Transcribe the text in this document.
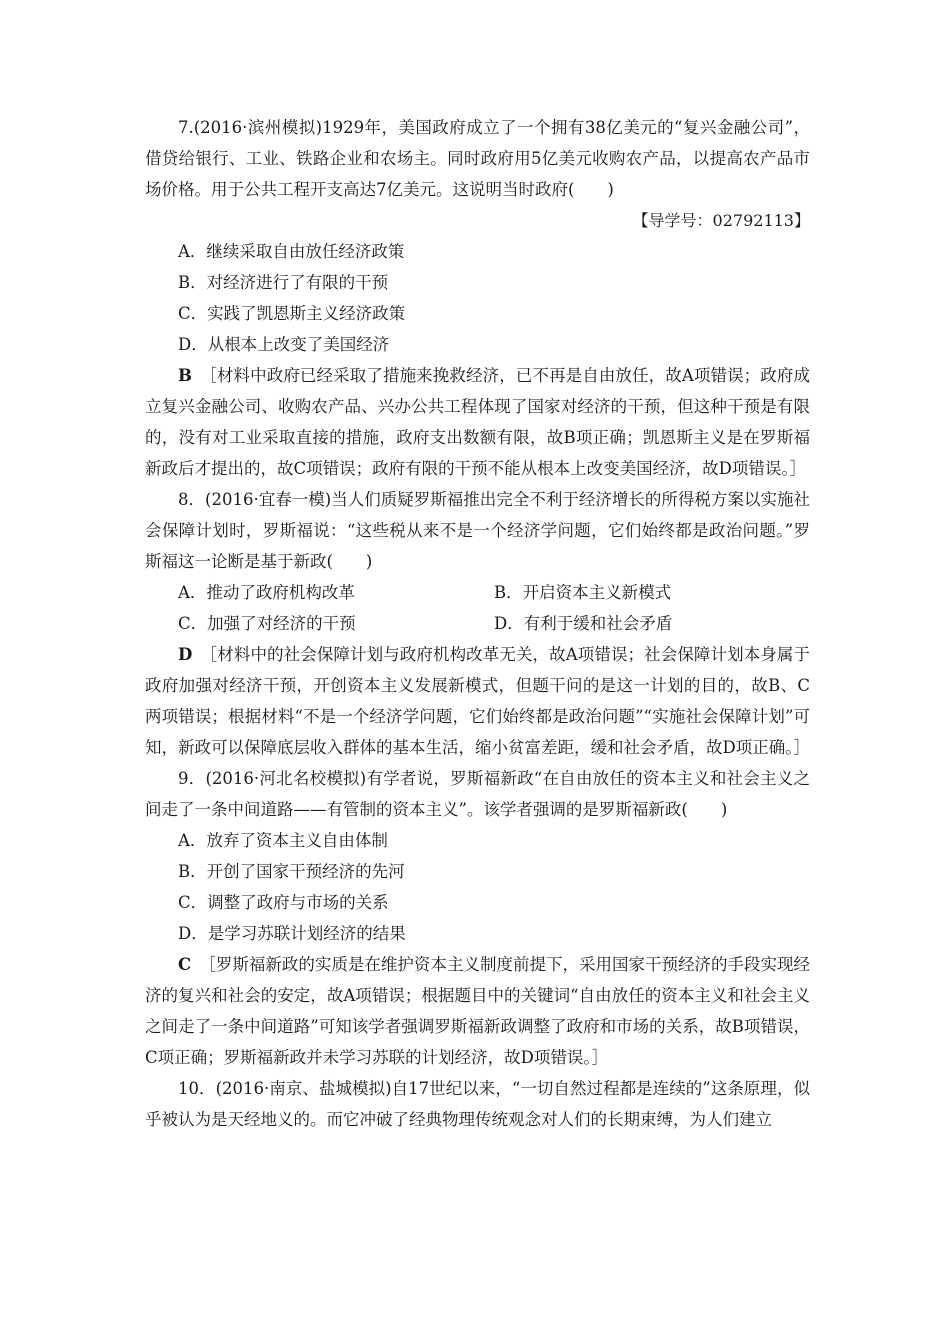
7.(2016·滨州模拟)1929年，美国政府成立了一个拥有38亿美元的“复兴金融公司”，借贷给银行、工业、铁路企业和农场主。同时政府用5亿美元收购农产品，以提高农产品市场价格。用于公共工程开支高达7亿美元。这说明当时政府(　　)

【导学号：02792113】

A．继续采取自由放任经济政策

B．对经济进行了有限的干预

C．实践了凯恩斯主义经济政策

D．从根本上改变了美国经济

B  ［材料中政府已经采取了措施来挽救经济，已不再是自由放任，故A项错误；政府成立复兴金融公司、收购农产品、兴办公共工程体现了国家对经济的干预，但这种干预是有限的，没有对工业采取直接的措施，政府支出数额有限，故B项正确；凯恩斯主义是在罗斯福新政后才提出的，故C项错误；政府有限的干预不能从根本上改变美国经济，故D项错误。］

8．(2016·宜春一模)当人们质疑罗斯福推出完全不利于经济增长的所得税方案以实施社会保障计划时，罗斯福说：“这些税从来不是一个经济学问题，它们始终都是政治问题。”罗斯福这一论断是基于新政(　　)

A．推动了政府机构改革	B．开启资本主义新模式
C．加强了对经济的干预	D．有利于缓和社会矛盾

D  ［材料中的社会保障计划与政府机构改革无关，故A项错误；社会保障计划本身属于政府加强对经济干预，开创资本主义发展新模式，但题干问的是这一计划的目的，故B、C两项错误；根据材料“不是一个经济学问题，它们始终都是政治问题”“实施社会保障计划”可知，新政可以保障底层收入群体的基本生活，缩小贫富差距，缓和社会矛盾，故D项正确。］

9．(2016·河北名校模拟)有学者说，罗斯福新政“在自由放任的资本主义和社会主义之间走了一条中间道路——有管制的资本主义”。该学者强调的是罗斯福新政(　　)

A．放弃了资本主义自由体制

B．开创了国家干预经济的先河

C．调整了政府与市场的关系

D．是学习苏联计划经济的结果

C  ［罗斯福新政的实质是在维护资本主义制度前提下，采用国家干预经济的手段实现经济的复兴和社会的安定，故A项错误；根据题目中的关键词“自由放任的资本主义和社会主义之间走了一条中间道路”可知该学者强调罗斯福新政调整了政府和市场的关系，故B项错误，C项正确；罗斯福新政并未学习苏联的计划经济，故D项错误。］

10．(2016·南京、盐城模拟)自17世纪以来，“一切自然过程都是连续的”这条原理，似乎被认为是天经地义的。而它冲破了经典物理传统观念对人们的长期束缚，为人们建立
